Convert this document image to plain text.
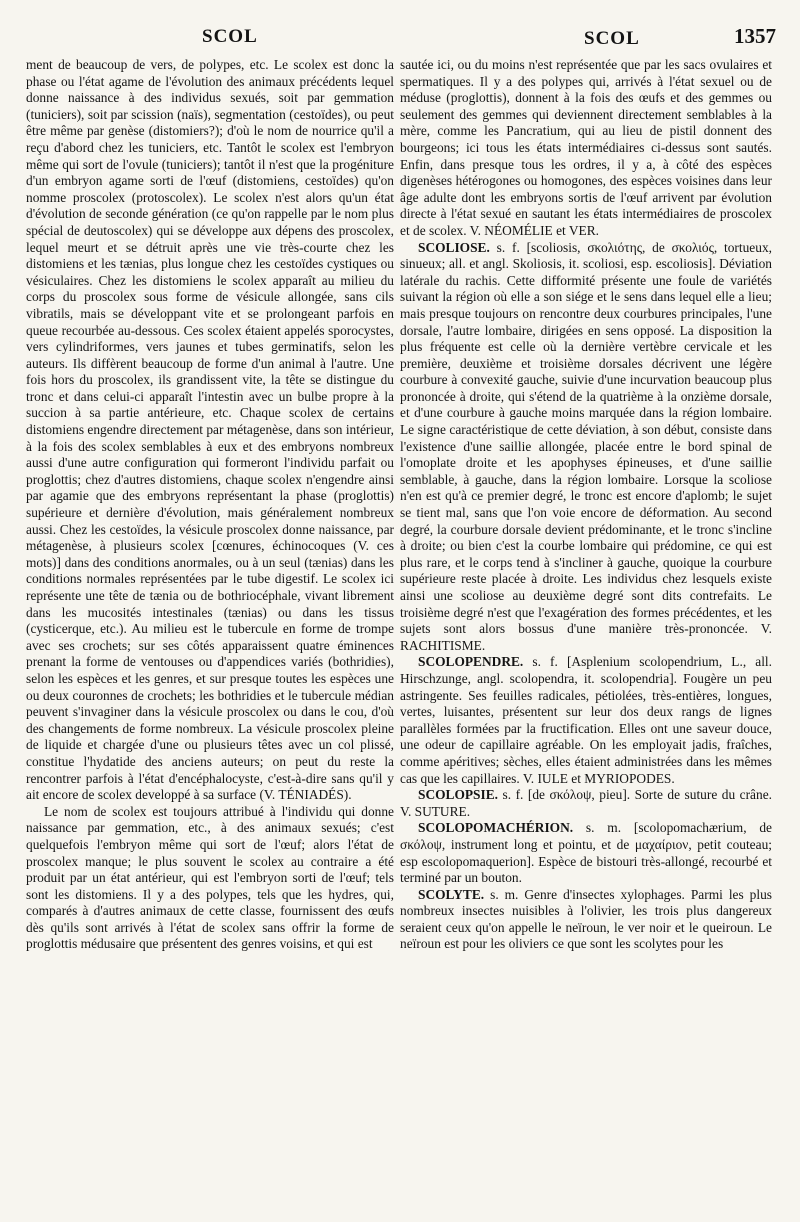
SCOL	SCOL	1357

ment de beaucoup de vers, de polypes, etc. Le scolex est donc la phase ou l'état agame de l'évolution des animaux précédents lequel donne naissance à des individus sexués, soit par gemmation (tuniciers), soit par scission (naïs), segmentation (cestoïdes), ou peut être même par genèse (distomiers?); d'où le nom de nourrice qu'il a reçu d'abord chez les tuniciers, etc. Tantôt le scolex est l'embryon même qui sort de l'ovule (tuniciers); tantôt il n'est que la progéniture d'un embryon agame sorti de l'œuf (distomiens, cestoïdes) qu'on nomme proscolex (protoscolex). Le scolex n'est alors qu'un état d'évolution de seconde génération (ce qu'on rappelle par le nom plus spécial de deutoscolex) qui se développe aux dépens des proscolex, lequel meurt et se détruit après une vie très-courte chez les distomiens et les tænias, plus longue chez les cestoïdes cystiques ou vésiculaires. Chez les distomiens le scolex apparaît au milieu du corps du proscolex sous forme de vésicule allongée, sans cils vibratils, mais se développant vite et se prolongeant parfois en queue recourbée au-dessous. Ces scolex étaient appelés sporocystes, vers cylindriformes, vers jaunes et tubes germinatifs, selon les auteurs. Ils diffèrent beaucoup de forme d'un animal à l'autre. Une fois hors du proscolex, ils grandissent vite, la tête se distingue du tronc et dans celui-ci apparaît l'intestin avec un bulbe propre à la succion à sa partie antérieure, etc. Chaque scolex de certains distomiens engendre directement par métagenèse, dans son intérieur, à la fois des scolex semblables à eux et des embryons nombreux aussi d'une autre configuration qui formeront l'individu parfait ou proglottis; chez d'autres distomiens, chaque scolex n'engendre ainsi par agamie que des embryons représentant la phase (proglottis) supérieure et dernière d'évolution, mais généralement nombreux aussi. Chez les cestoïdes, la vésicule proscolex donne naissance, par métagenèse, à plusieurs scolex [cœnures, échinocoques (V. ces mots)] dans des conditions anormales, ou à un seul (tænias) dans les conditions normales représentées par le tube digestif. Le scolex ici représente une tête de tænia ou de bothriocéphale, vivant librement dans les mucosités intestinales (tænias) ou dans les tissus (cysticerque, etc.). Au milieu est le tubercule en forme de trompe avec ses crochets; sur ses côtés apparaissent quatre éminences prenant la forme de ventouses ou d'appendices variés (bothridies), selon les espèces et les genres, et sur presque toutes les espèces une ou deux couronnes de crochets; les bothridies et le tubercule médian peuvent s'invaginer dans la vésicule proscolex ou dans le cou, d'où des changements de forme nombreux. La vésicule proscolex pleine de liquide et chargée d'une ou plusieurs têtes avec un col plissé, constitue l'hydatide des anciens auteurs; on peut du reste la rencontrer parfois à l'état d'encéphalocyste, c'est-à-dire sans qu'il y ait encore de scolex developpé à sa surface (V. TÉNIADÉS).

Le nom de scolex est toujours attribué à l'individu qui donne naissance par gemmation, etc., à des animaux sexués; c'est quelquefois l'embryon même qui sort de l'œuf; alors l'état de proscolex manque; le plus souvent le scolex au contraire a été produit par un état antérieur, qui est l'embryon sorti de l'œuf; tels sont les distomiens. Il y a des polypes, tels que les hydres, qui, comparés à d'autres animaux de cette classe, fournissent des œufs dès qu'ils sont arrivés à l'état de scolex sans offrir la forme de proglottis médusaire que présentent des genres voisins, et qui est

sautée ici, ou du moins n'est représentée que par les sacs ovulaires et spermatiques. Il y a des polypes qui, arrivés à l'état sexuel ou de méduse (proglottis), donnent à la fois des œufs et des gemmes ou seulement des gemmes qui deviennent directement semblables à la mère, comme les Pancratium, qui au lieu de pistil donnent des bourgeons; ici tous les états intermédiaires ci-dessus sont sautés. Enfin, dans presque tous les ordres, il y a, à côté des espèces digenèses hétérogones ou homogones, des espèces voisines dans leur âge adulte dont les embryons sortis de l'œuf arrivent par évolution directe à l'état sexué en sautant les états intermédiaires de proscolex et de scolex. V. NÉOMÉLIE et VER.

SCOLIOSE. s. f. [scoliosis, σκολιότης, de σκολιός, tortueux, sinueux; all. et angl. Skoliosis, it. scoliosi, esp. escoliosis]. Déviation latérale du rachis. Cette difformité présente une foule de variétés suivant la région où elle a son siége et le sens dans lequel elle a lieu; mais presque toujours on rencontre deux courbures principales, l'une dorsale, l'autre lombaire, dirigées en sens opposé. La disposition la plus fréquente est celle où la dernière vertèbre cervicale et les première, deuxième et troisième dorsales décrivent une légère courbure à convexité gauche, suivie d'une incurvation beaucoup plus prononcée à droite, qui s'étend de la quatrième à la onzième dorsale, et d'une courbure à gauche moins marquée dans la région lombaire. Le signe caractéristique de cette déviation, à son début, consiste dans l'existence d'une saillie allongée, placée entre le bord spinal de l'omoplate droite et les apophyses épineuses, et d'une saillie semblable, à gauche, dans la région lombaire. Lorsque la scoliose n'en est qu'à ce premier degré, le tronc est encore d'aplomb; le sujet se tient mal, sans que l'on voie encore de déformation. Au second degré, la courbure dorsale devient prédominante, et le tronc s'incline à droite; ou bien c'est la courbe lombaire qui prédomine, ce qui est plus rare, et le corps tend à s'incliner à gauche, quoique la courbure supérieure reste placée à droite. Les individus chez lesquels existe ainsi une scoliose au deuxième degré sont dits contrefaits. Le troisième degré n'est que l'exagération des formes précédentes, et les sujets sont alors bossus d'une manière très-prononcée. V. RACHITISME.

SCOLOPENDRE. s. f. [Asplenium scolopendrium, L., all. Hirschzunge, angl. scolopendra, it. scolopendria]. Fougère un peu astringente. Ses feuilles radicales, pétiolées, très-entières, longues, vertes, luisantes, présentent sur leur dos deux rangs de lignes parallèles formées par la fructification. Elles ont une saveur douce, une odeur de capillaire agréable. On les employait jadis, fraîches, comme apéritives; sèches, elles étaient administrées dans les mêmes cas que les capillaires. V. IULE et MYRIOPODES.

SCOLOPSIE. s. f. [de σκόλοψ, pieu]. Sorte de suture du crâne. V. SUTURE.

SCOLOPOMACHÉRION. s. m. [scolopomachærium, de σκόλοψ, instrument long et pointu, et de μαχαίριον, petit couteau; esp escolopomaquerion]. Espèce de bistouri très-allongé, recourbé et terminé par un bouton.

SCOLYTE. s. m. Genre d'insectes xylophages. Parmi les plus nombreux insectes nuisibles à l'olivier, les trois plus dangereux seraient ceux qu'on appelle le neïroun, le ver noir et le queiroun. Le neïroun est pour les oliviers ce que sont les scolytes pour les
